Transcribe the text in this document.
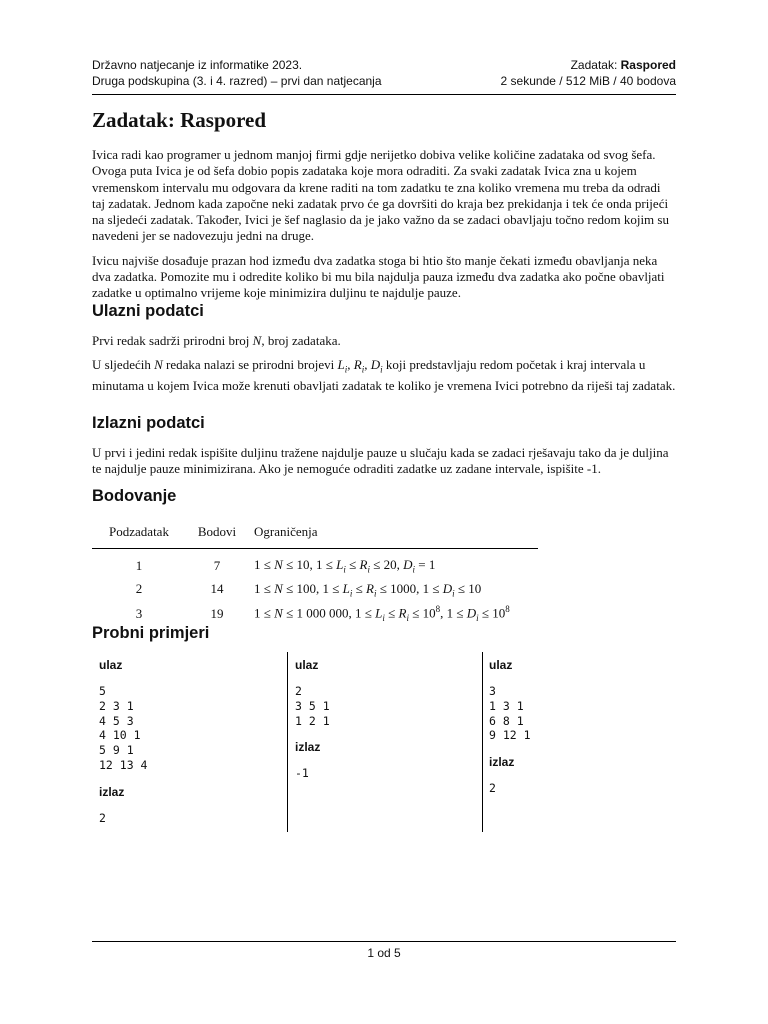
Državno natjecanje iz informatike 2023.	Zadatak: Raspored
Druga podskupina (3. i 4. razred) – prvi dan natjecanja	2 sekunde / 512 MiB / 40 bodova
Zadatak: Raspored

Ivica radi kao programer u jednom manjoj firmi gdje nerijetko dobiva velike količine zadataka od svog šefa. Ovoga puta Ivica je od šefa dobio popis zadataka koje mora odraditi. Za svaki zadatak Ivica zna u kojem vremenskom intervalu mu odgovara da krene raditi na tom zadatku te zna koliko vremena mu treba da odradi taj zadatak. Jednom kada započne neki zadatak prvo će ga dovršiti do kraja bez prekidanja i tek će onda prijeći na sljedeći zadatak. Također, Ivici je šef naglasio da je jako važno da se zadaci obavljaju točno redom kojim su navedeni jer se nadovezuju jedni na druge.

Ivicu najviše dosađuje prazan hod između dva zadatka stoga bi htio što manje čekati između obavljanja neka dva zadatka. Pomozite mu i odredite koliko bi mu bila najdulja pauza između dva zadatka ako počne obavljati zadatke u optimalno vrijeme koje minimizira duljinu te najdulje pauze.

Ulazni podatci

Prvi redak sadrži prirodni broj N, broj zadataka.

U sljedećih N redaka nalazi se prirodni brojevi $L_i$, $R_i$, $D_i$ koji predstavljaju redom početak i kraj intervala u minutama u kojem Ivica može krenuti obavljati zadatak te koliko je vremena Ivici potrebno da riješi taj zadatak.

Izlazni podatci

U prvi i jedini redak ispišite duljinu tražene najdulje pauze u slučaju kada se zadaci rješavaju tako da je duljina te najdulje pauze minimizirana. Ako je nemoguće odraditi zadatke uz zadane intervale, ispišite -1.

Bodovanje
Podzadatak	Bodovi	Ograničenja
1	7	1 ≤ N ≤ 10, $1 \le L_i \le R_i \le 20$, $D_i = 1$
2	14	1 ≤ N ≤ 100, $1 \le L_i \le R_i \le 1000$, $1 \le D_i \le 10$
3	19	1 ≤ N ≤ 1 000 000, $1 \le L_i \le R_i \le 10^8$, $1 \le D_i \le 10^8$
Probni primjeri
ulaz
5
2 3 1
4 5 3
4 10 1
5 9 1
12 13 4
izlaz
2
ulaz
2
3 5 1
1 2 1
izlaz
-1
ulaz
3
1 3 1
6 8 1
9 12 1
izlaz
2
1 od 5
